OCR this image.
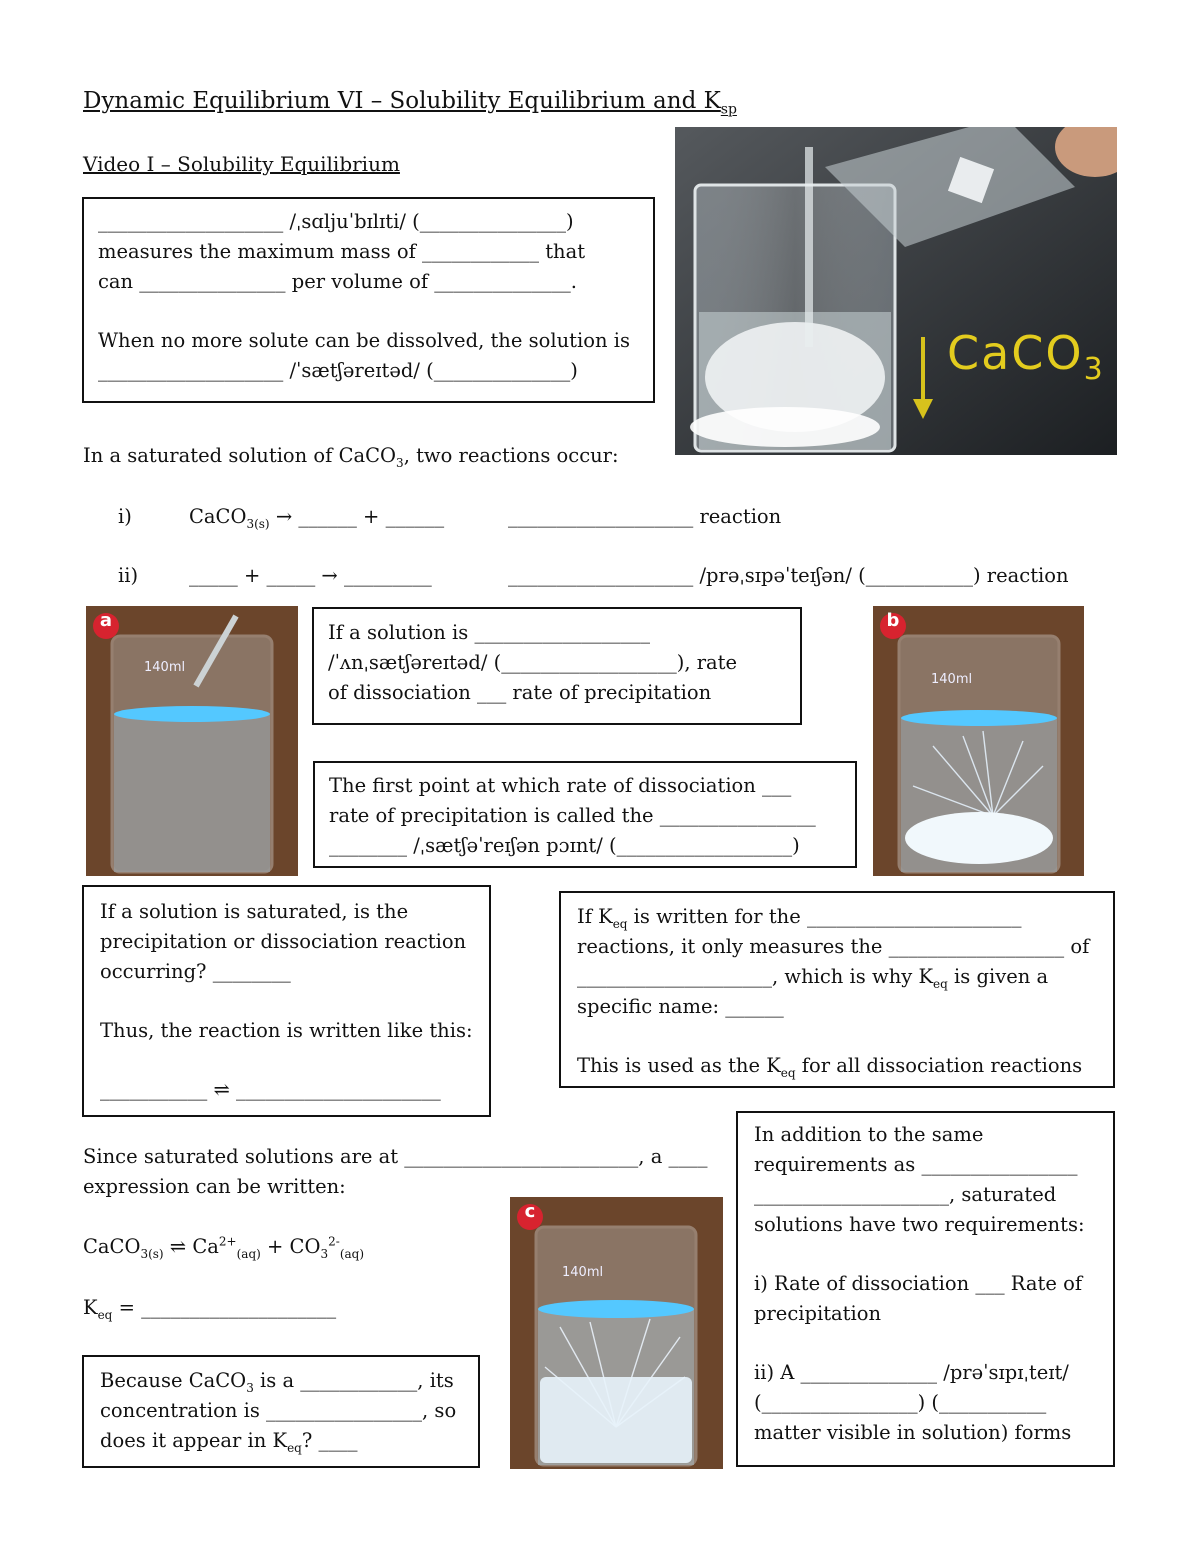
Dynamic Equilibrium VI – Solubility Equilibrium and $K_{sp}$
Video I – Solubility Equilibrium
___________________ /ˌsɑljuˈbɪlɪti/ (_______________)
measures the maximum mass of ____________ that
can _______________ per volume of ______________.
When no more solute can be dissolved, the solution is
___________________ /ˈsætʃəreɪtəd/ (______________)	CaCO$_3$
In a saturated solution of CaCO$_3$, two reactions occur:
i)	CaCO$_{3(s)}$ → ______ + ______	___________________ reaction
ii)	_____ + _____ → _________	___________________ /prəˌsɪpəˈteɪʃən/ (___________) reaction
a
140ml
If a solution is __________________
/ˈʌnˌsætʃəreɪtəd/ (__________________), rate
of dissociation ___ rate of precipitation
b
140ml
The first point at which rate of dissociation ___
rate of precipitation is called the ________________
________ /ˌsætʃəˈreɪʃən pɔɪnt/ (__________________)
If a solution is saturated, is the
precipitation or dissociation reaction
occurring? ________
Thus, the reaction is written like this:
___________ ⇌ _____________________
If $K_{eq}$ is written for the ______________________
reactions, it only measures the __________________ of
____________________, which is why $K_{eq}$ is given a
specific name: ______
This is used as the $K_{eq}$ for all dissociation reactions
Since saturated solutions are at ________________________, a ____
expression can be written:
CaCO$_{3(s)}$ ⇌ $Ca^{2+}_{(aq)} + CO_3^{2-}_{(aq)}$
$K_{eq}$ = ____________________
c
140ml
Because CaCO$_3$ is a ____________, its
concentration is ________________, so
does it appear in $K_{eq}$? ____
In addition to the same
requirements as ________________
____________________, saturated
solutions have two requirements:
i) Rate of dissociation ___ Rate of
precipitation
ii) A ______________ /prəˈsɪpɪˌteɪt/
(________________) (___________
matter visible in solution) forms
